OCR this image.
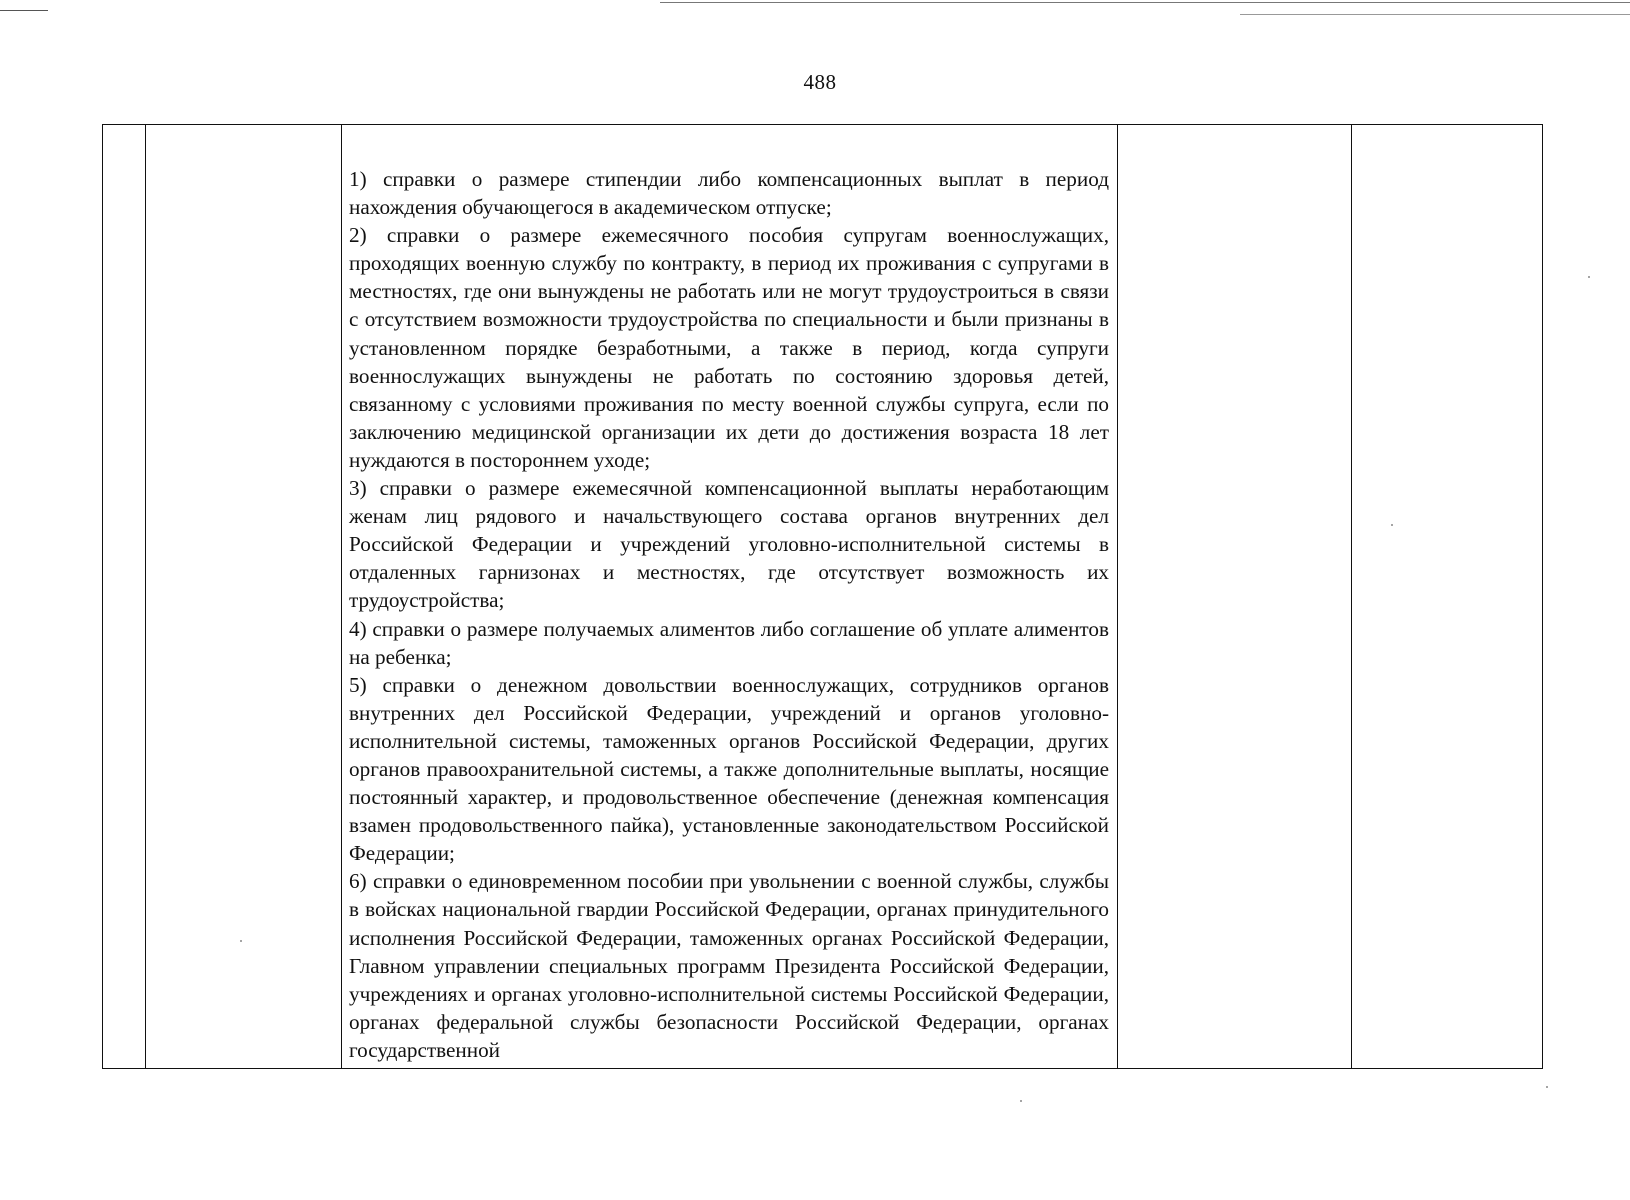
488

1) справки о размере стипендии либо компенсационных выплат в период нахождения обучающегося в академическом отпуске;

2) справки о размере ежемесячного пособия супругам военнослужащих, проходящих военную службу по контракту, в период их проживания с супругами в местностях, где они вынуждены не работать или не могут трудоустроиться в связи с отсутствием возможности трудоустройства по специальности и были признаны в установленном порядке безработными, а также в период, когда супруги военнослужащих вынуждены не работать по состоянию здоровья детей, связанному с условиями проживания по месту военной службы супруга, если по заключению медицинской организации их дети до достижения возраста 18 лет нуждаются в постороннем уходе;

3) справки о размере ежемесячной компенсационной выплаты неработающим женам лиц рядового и начальствующего состава органов внутренних дел Российской Федерации и учреждений уголовно-исполнительной системы в отдаленных гарнизонах и местностях, где отсутствует возможность их трудоустройства;

4) справки о размере получаемых алиментов либо соглашение об уплате алиментов на ребенка;

5) справки о денежном довольствии военнослужащих, сотрудников органов внутренних дел Российской Федерации, учреждений и органов уголовно-исполнительной системы, таможенных органов Российской Федерации, других органов правоохранительной системы, а также дополнительные выплаты, носящие постоянный характер, и продовольственное обеспечение (денежная компенсация взамен продовольственного пайка), установленные законодательством Российской Федерации;

6) справки о единовременном пособии при увольнении с военной службы, службы в войсках национальной гвардии Российской Федерации, органах принудительного исполнения Российской Федерации, таможенных органах Российской Федерации, Главном управлении специальных программ Президента Российской Федерации, учреждениях и органах уголовно-исполнительной системы Российской Федерации, органах федеральной службы безопасности Российской Федерации, органах государственной
